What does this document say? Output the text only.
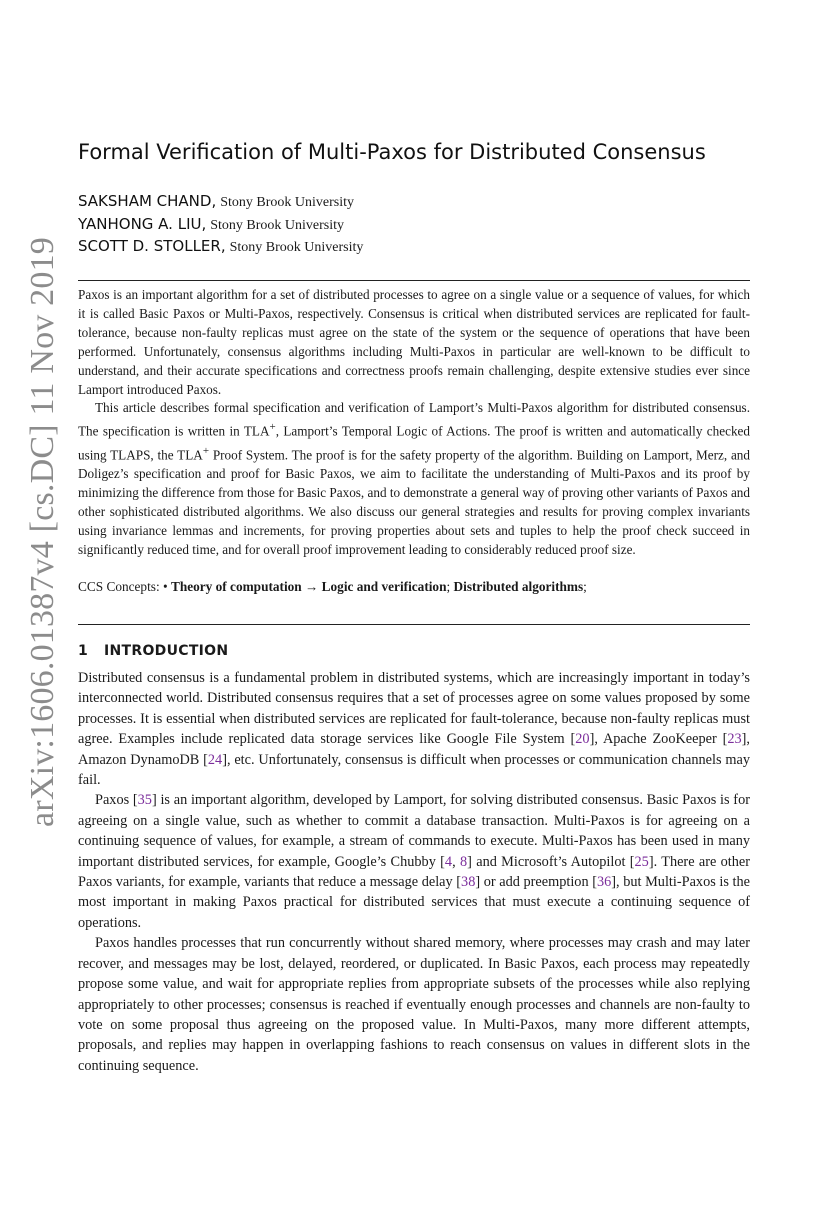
arXiv:1606.01387v4 [cs.DC] 11 Nov 2019
Formal Verification of Multi-Paxos for Distributed Consensus
SAKSHAM CHAND, Stony Brook University
YANHONG A. LIU, Stony Brook University
SCOTT D. STOLLER, Stony Brook University

Paxos is an important algorithm for a set of distributed processes to agree on a single value or a sequence of values, for which it is called Basic Paxos or Multi-Paxos, respectively. Consensus is critical when distributed services are replicated for fault-tolerance, because non-faulty replicas must agree on the state of the system or the sequence of operations that have been performed. Unfortunately, consensus algorithms including Multi-Paxos in particular are well-known to be difficult to understand, and their accurate specifications and correctness proofs remain challenging, despite extensive studies ever since Lamport introduced Paxos.

This article describes formal specification and verification of Lamport’s Multi-Paxos algorithm for distributed consensus. The specification is written in TLA+, Lamport’s Temporal Logic of Actions. The proof is written and automatically checked using TLAPS, the TLA+ Proof System. The proof is for the safety property of the algorithm. Building on Lamport, Merz, and Doligez’s specification and proof for Basic Paxos, we aim to facilitate the understanding of Multi-Paxos and its proof by minimizing the difference from those for Basic Paxos, and to demonstrate a general way of proving other variants of Paxos and other sophisticated distributed algorithms. We also discuss our general strategies and results for proving complex invariants using invariance lemmas and increments, for proving properties about sets and tuples to help the proof check succeed in significantly reduced time, and for overall proof improvement leading to considerably reduced proof size.

CCS Concepts: • Theory of computation → Logic and verification; Distributed algorithms;
1 INTRODUCTION

Distributed consensus is a fundamental problem in distributed systems, which are increasingly important in today’s interconnected world. Distributed consensus requires that a set of processes agree on some values proposed by some processes. It is essential when distributed services are replicated for fault-tolerance, because non-faulty replicas must agree. Examples include replicated data storage services like Google File System [20], Apache ZooKeeper [23], Amazon DynamoDB [24], etc. Unfortunately, consensus is difficult when processes or communication channels may fail.

Paxos [35] is an important algorithm, developed by Lamport, for solving distributed consensus. Basic Paxos is for agreeing on a single value, such as whether to commit a database transaction. Multi-Paxos is for agreeing on a continuing sequence of values, for example, a stream of commands to execute. Multi-Paxos has been used in many important distributed services, for example, Google’s Chubby [4, 8] and Microsoft’s Autopilot [25]. There are other Paxos variants, for example, variants that reduce a message delay [38] or add preemption [36], but Multi-Paxos is the most important in making Paxos practical for distributed services that must execute a continuing sequence of operations.

Paxos handles processes that run concurrently without shared memory, where processes may crash and may later recover, and messages may be lost, delayed, reordered, or duplicated. In Basic Paxos, each process may repeatedly propose some value, and wait for appropriate replies from appropriate subsets of the processes while also replying appropriately to other processes; consensus is reached if eventually enough processes and channels are non-faulty to vote on some proposal thus agreeing on the proposed value. In Multi-Paxos, many more different attempts, proposals, and replies may happen in overlapping fashions to reach consensus on values in different slots in the continuing sequence.
